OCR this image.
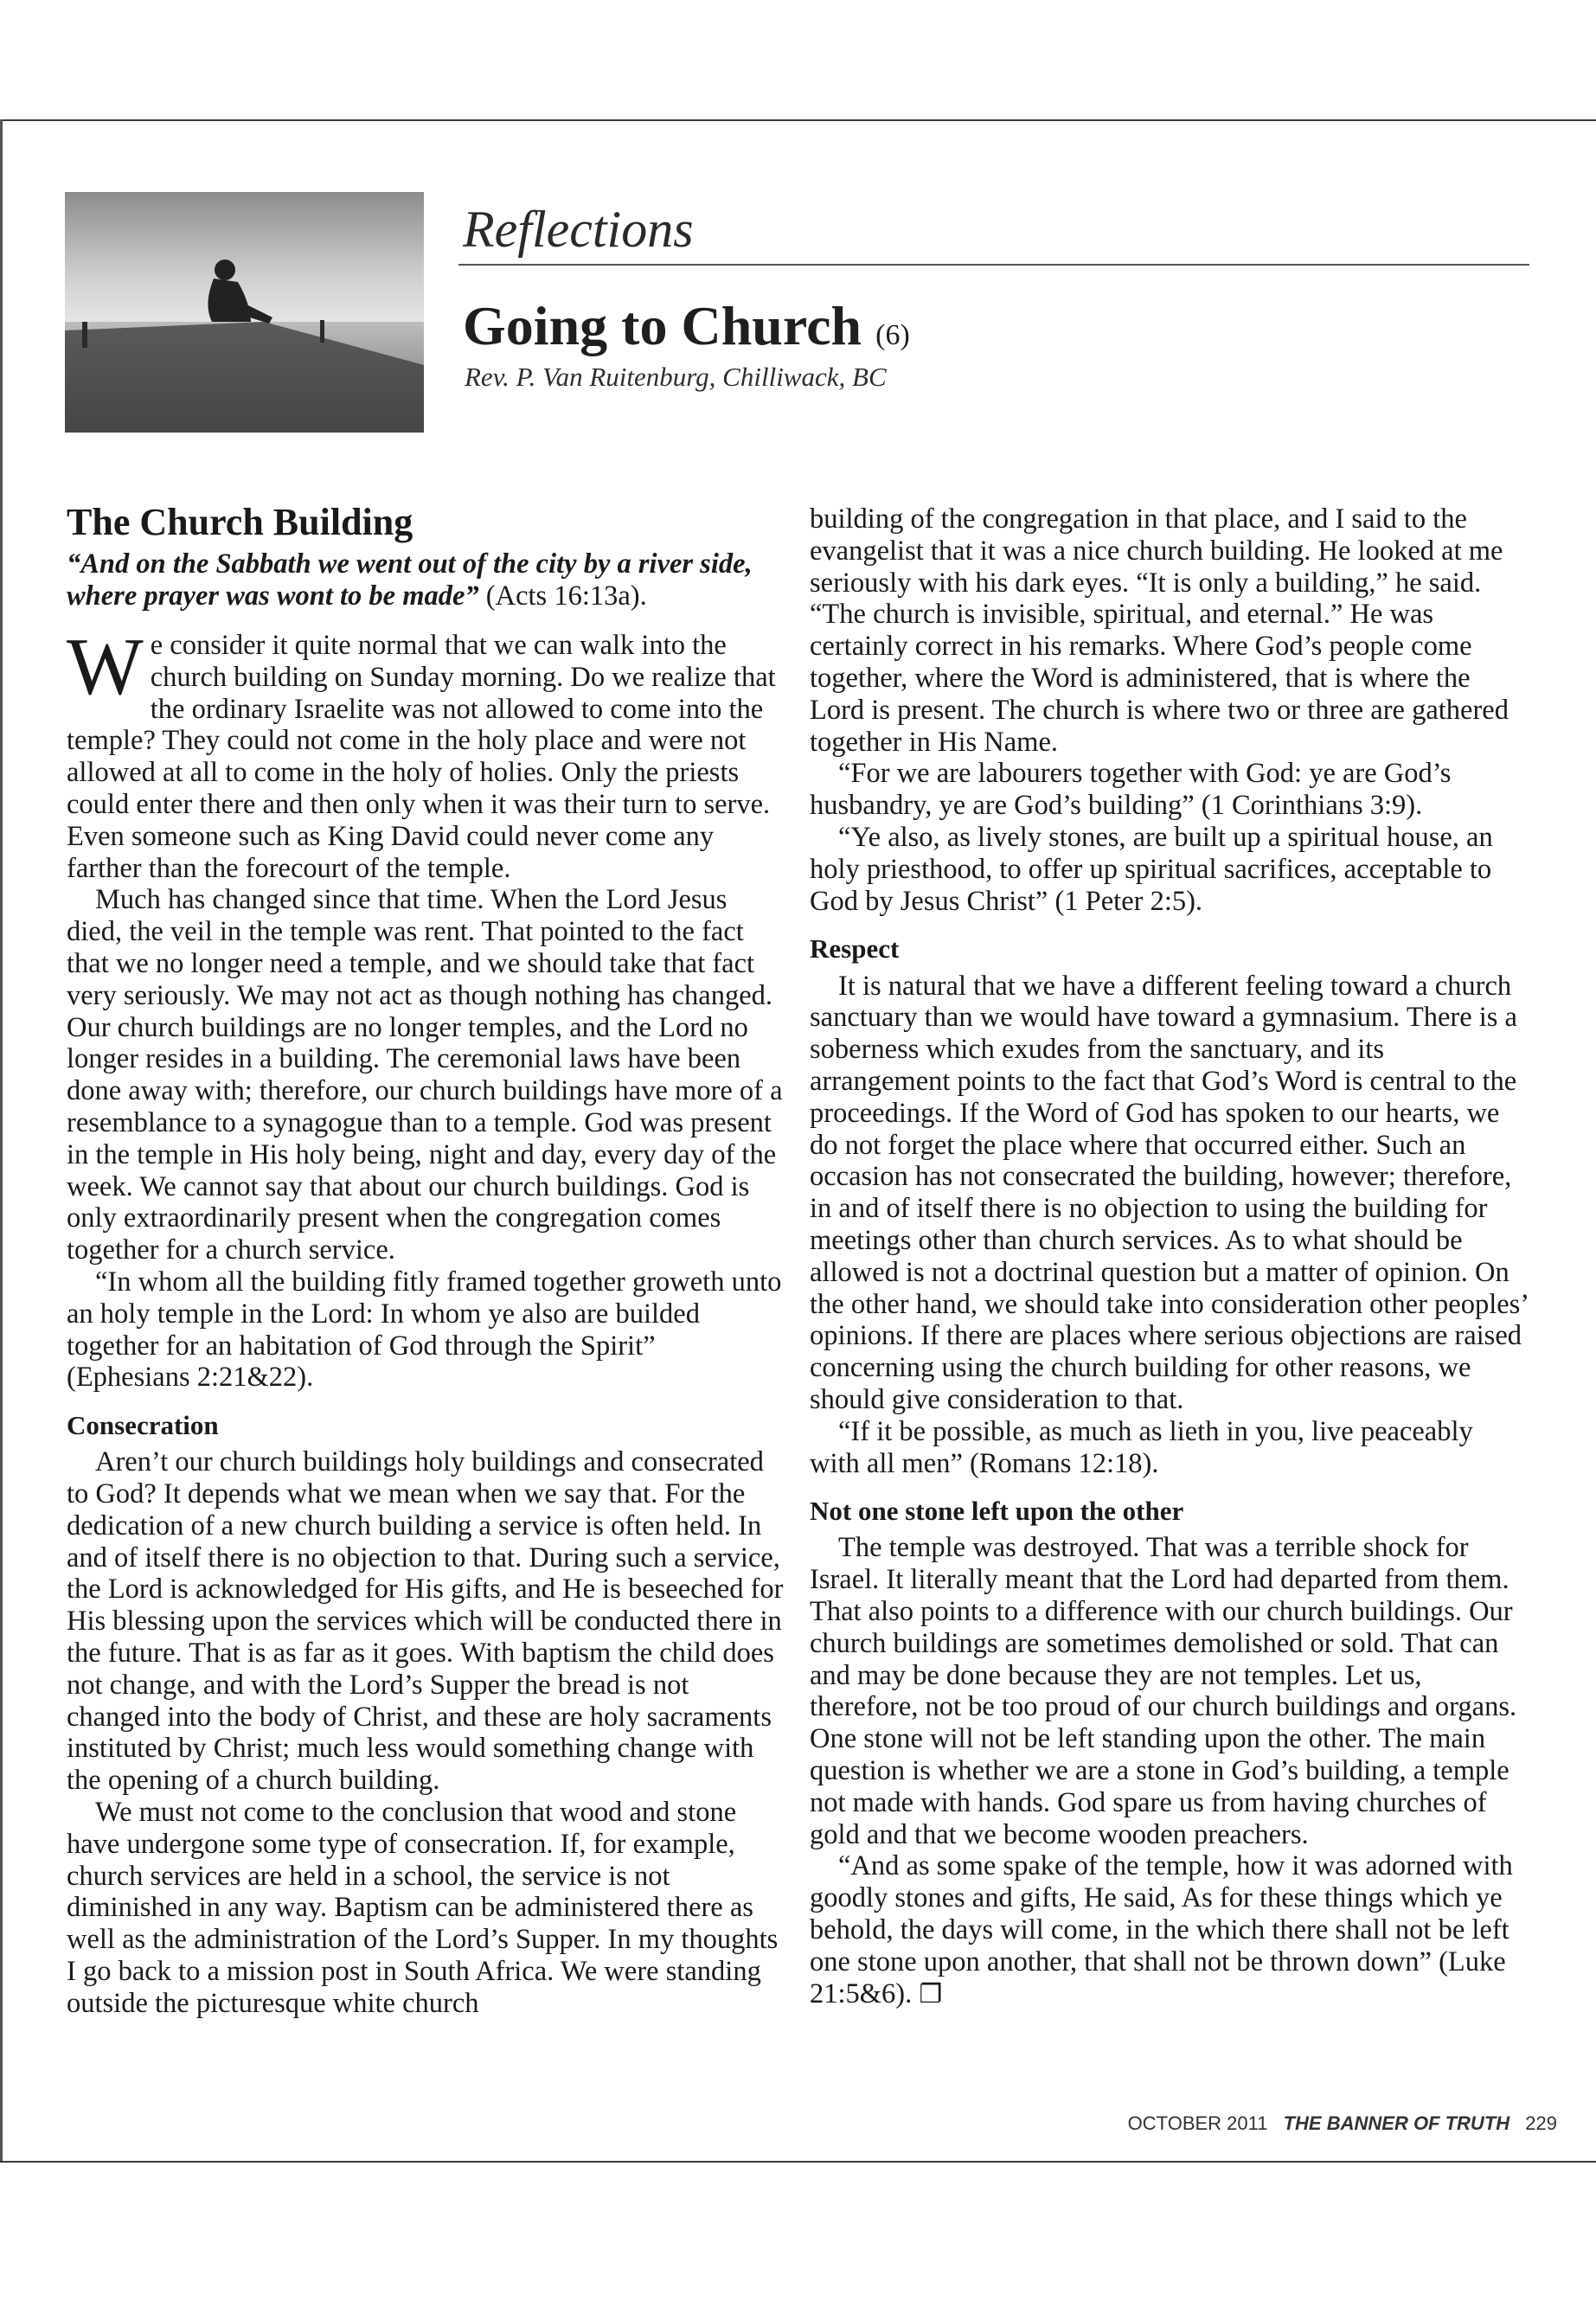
Reflections
Going to Church (6)
Rev. P. Van Ruitenburg, Chilliwack, BC
The Church Building

“And on the Sabbath we went out of the city by a river side, where prayer was wont to be made” (Acts 16:13a).

We consider it quite normal that we can walk into the church building on Sunday morning. Do we realize that the ordinary Israelite was not allowed to come into the temple? They could not come in the holy place and were not allowed at all to come in the holy of holies. Only the priests could enter there and then only when it was their turn to serve. Even someone such as King David could never come any farther than the forecourt of the temple.

Much has changed since that time. When the Lord Jesus died, the veil in the temple was rent. That pointed to the fact that we no longer need a temple, and we should take that fact very seriously. We may not act as though nothing has changed. Our church buildings are no longer temples, and the Lord no longer resides in a building. The ceremonial laws have been done away with; therefore, our church buildings have more of a resemblance to a synagogue than to a temple. God was present in the temple in His holy being, night and day, every day of the week. We cannot say that about our church buildings. God is only extraordinarily present when the congregation comes together for a church service.

“In whom all the building fitly framed together groweth unto an holy temple in the Lord: In whom ye also are builded together for an habitation of God through the Spirit” (Ephesians 2:21&22).

Consecration

Aren’t our church buildings holy buildings and consecrated to God? It depends what we mean when we say that. For the dedication of a new church building a service is often held. In and of itself there is no objection to that. During such a service, the Lord is acknowledged for His gifts, and He is beseeched for His blessing upon the services which will be conducted there in the future. That is as far as it goes. With baptism the child does not change, and with the Lord’s Supper the bread is not changed into the body of Christ, and these are holy sacraments instituted by Christ; much less would something change with the opening of a church building.

We must not come to the conclusion that wood and stone have undergone some type of consecration. If, for example, church services are held in a school, the service is not diminished in any way. Baptism can be administered there as well as the administration of the Lord’s Supper. In my thoughts I go back to a mission post in South Africa. We were standing outside the picturesque white church

building of the congregation in that place, and I said to the evangelist that it was a nice church building. He looked at me seriously with his dark eyes. “It is only a building,” he said. “The church is invisible, spiritual, and eternal.” He was certainly correct in his remarks. Where God’s people come together, where the Word is administered, that is where the Lord is present. The church is where two or three are gathered together in His Name.

“For we are labourers together with God: ye are God’s husbandry, ye are God’s building” (1 Corinthians 3:9).

“Ye also, as lively stones, are built up a spiritual house, an holy priesthood, to offer up spiritual sacrifices, acceptable to God by Jesus Christ” (1 Peter 2:5).

Respect

It is natural that we have a different feeling toward a church sanctuary than we would have toward a gymnasium. There is a soberness which exudes from the sanctuary, and its arrangement points to the fact that God’s Word is central to the proceedings. If the Word of God has spoken to our hearts, we do not forget the place where that occurred either. Such an occasion has not consecrated the building, however; therefore, in and of itself there is no objection to using the building for meetings other than church services. As to what should be allowed is not a doctrinal question but a matter of opinion. On the other hand, we should take into consideration other peoples’ opinions. If there are places where serious objections are raised concerning using the church building for other reasons, we should give consideration to that.

“If it be possible, as much as lieth in you, live peaceably with all men” (Romans 12:18).

Not one stone left upon the other

The temple was destroyed. That was a terrible shock for Israel. It literally meant that the Lord had departed from them. That also points to a difference with our church buildings. Our church buildings are sometimes demolished or sold. That can and may be done because they are not temples. Let us, therefore, not be too proud of our church buildings and organs. One stone will not be left standing upon the other. The main question is whether we are a stone in God’s building, a temple not made with hands. God spare us from having churches of gold and that we become wooden preachers.

“And as some spake of the temple, how it was adorned with goodly stones and gifts, He said, As for these things which ye behold, the days will come, in the which there shall not be left one stone upon another, that shall not be thrown down” (Luke 21:5&6). ❐

OCTOBER 2011 THE BANNER OF TRUTH 229
